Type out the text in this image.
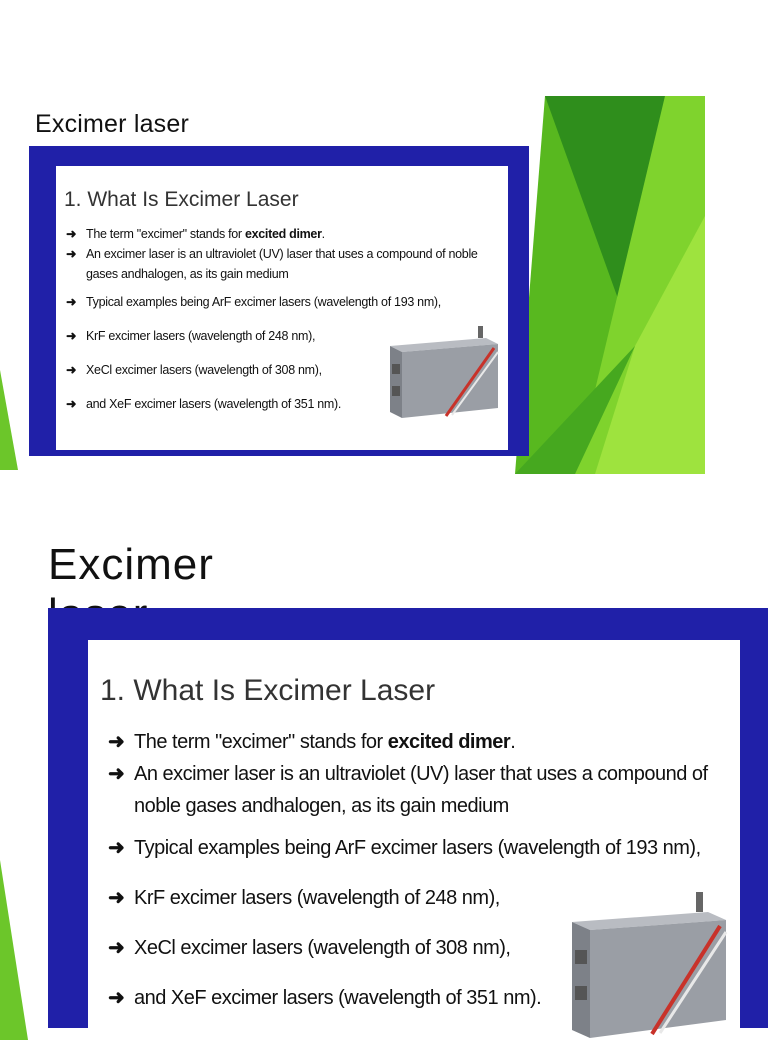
Excimer laser
1. What Is Excimer Laser
➜ The term "excimer" stands for excited dimer.
➜ An excimer laser is an ultraviolet (UV) laser that uses a compound of noble gases andhalogen, as its gain medium
➜ Typical examples being ArF excimer lasers (wavelength of 193 nm),
➜ KrF excimer lasers (wavelength of 248 nm),
➜ XeCl excimer lasers (wavelength of 308 nm),
➜ and XeF excimer lasers (wavelength of 351 nm).
Excimer
1. What Is Excimer Laser
➜ The term "excimer" stands for excited dimer.
➜ An excimer laser is an ultraviolet (UV) laser that uses a compound of noble gases andhalogen, as its gain medium
➜ Typical examples being ArF excimer lasers (wavelength of 193 nm),
➜ KrF excimer lasers (wavelength of 248 nm),
➜ XeCl excimer lasers (wavelength of 308 nm),
➜ and XeF excimer lasers (wavelength of 351 nm).
